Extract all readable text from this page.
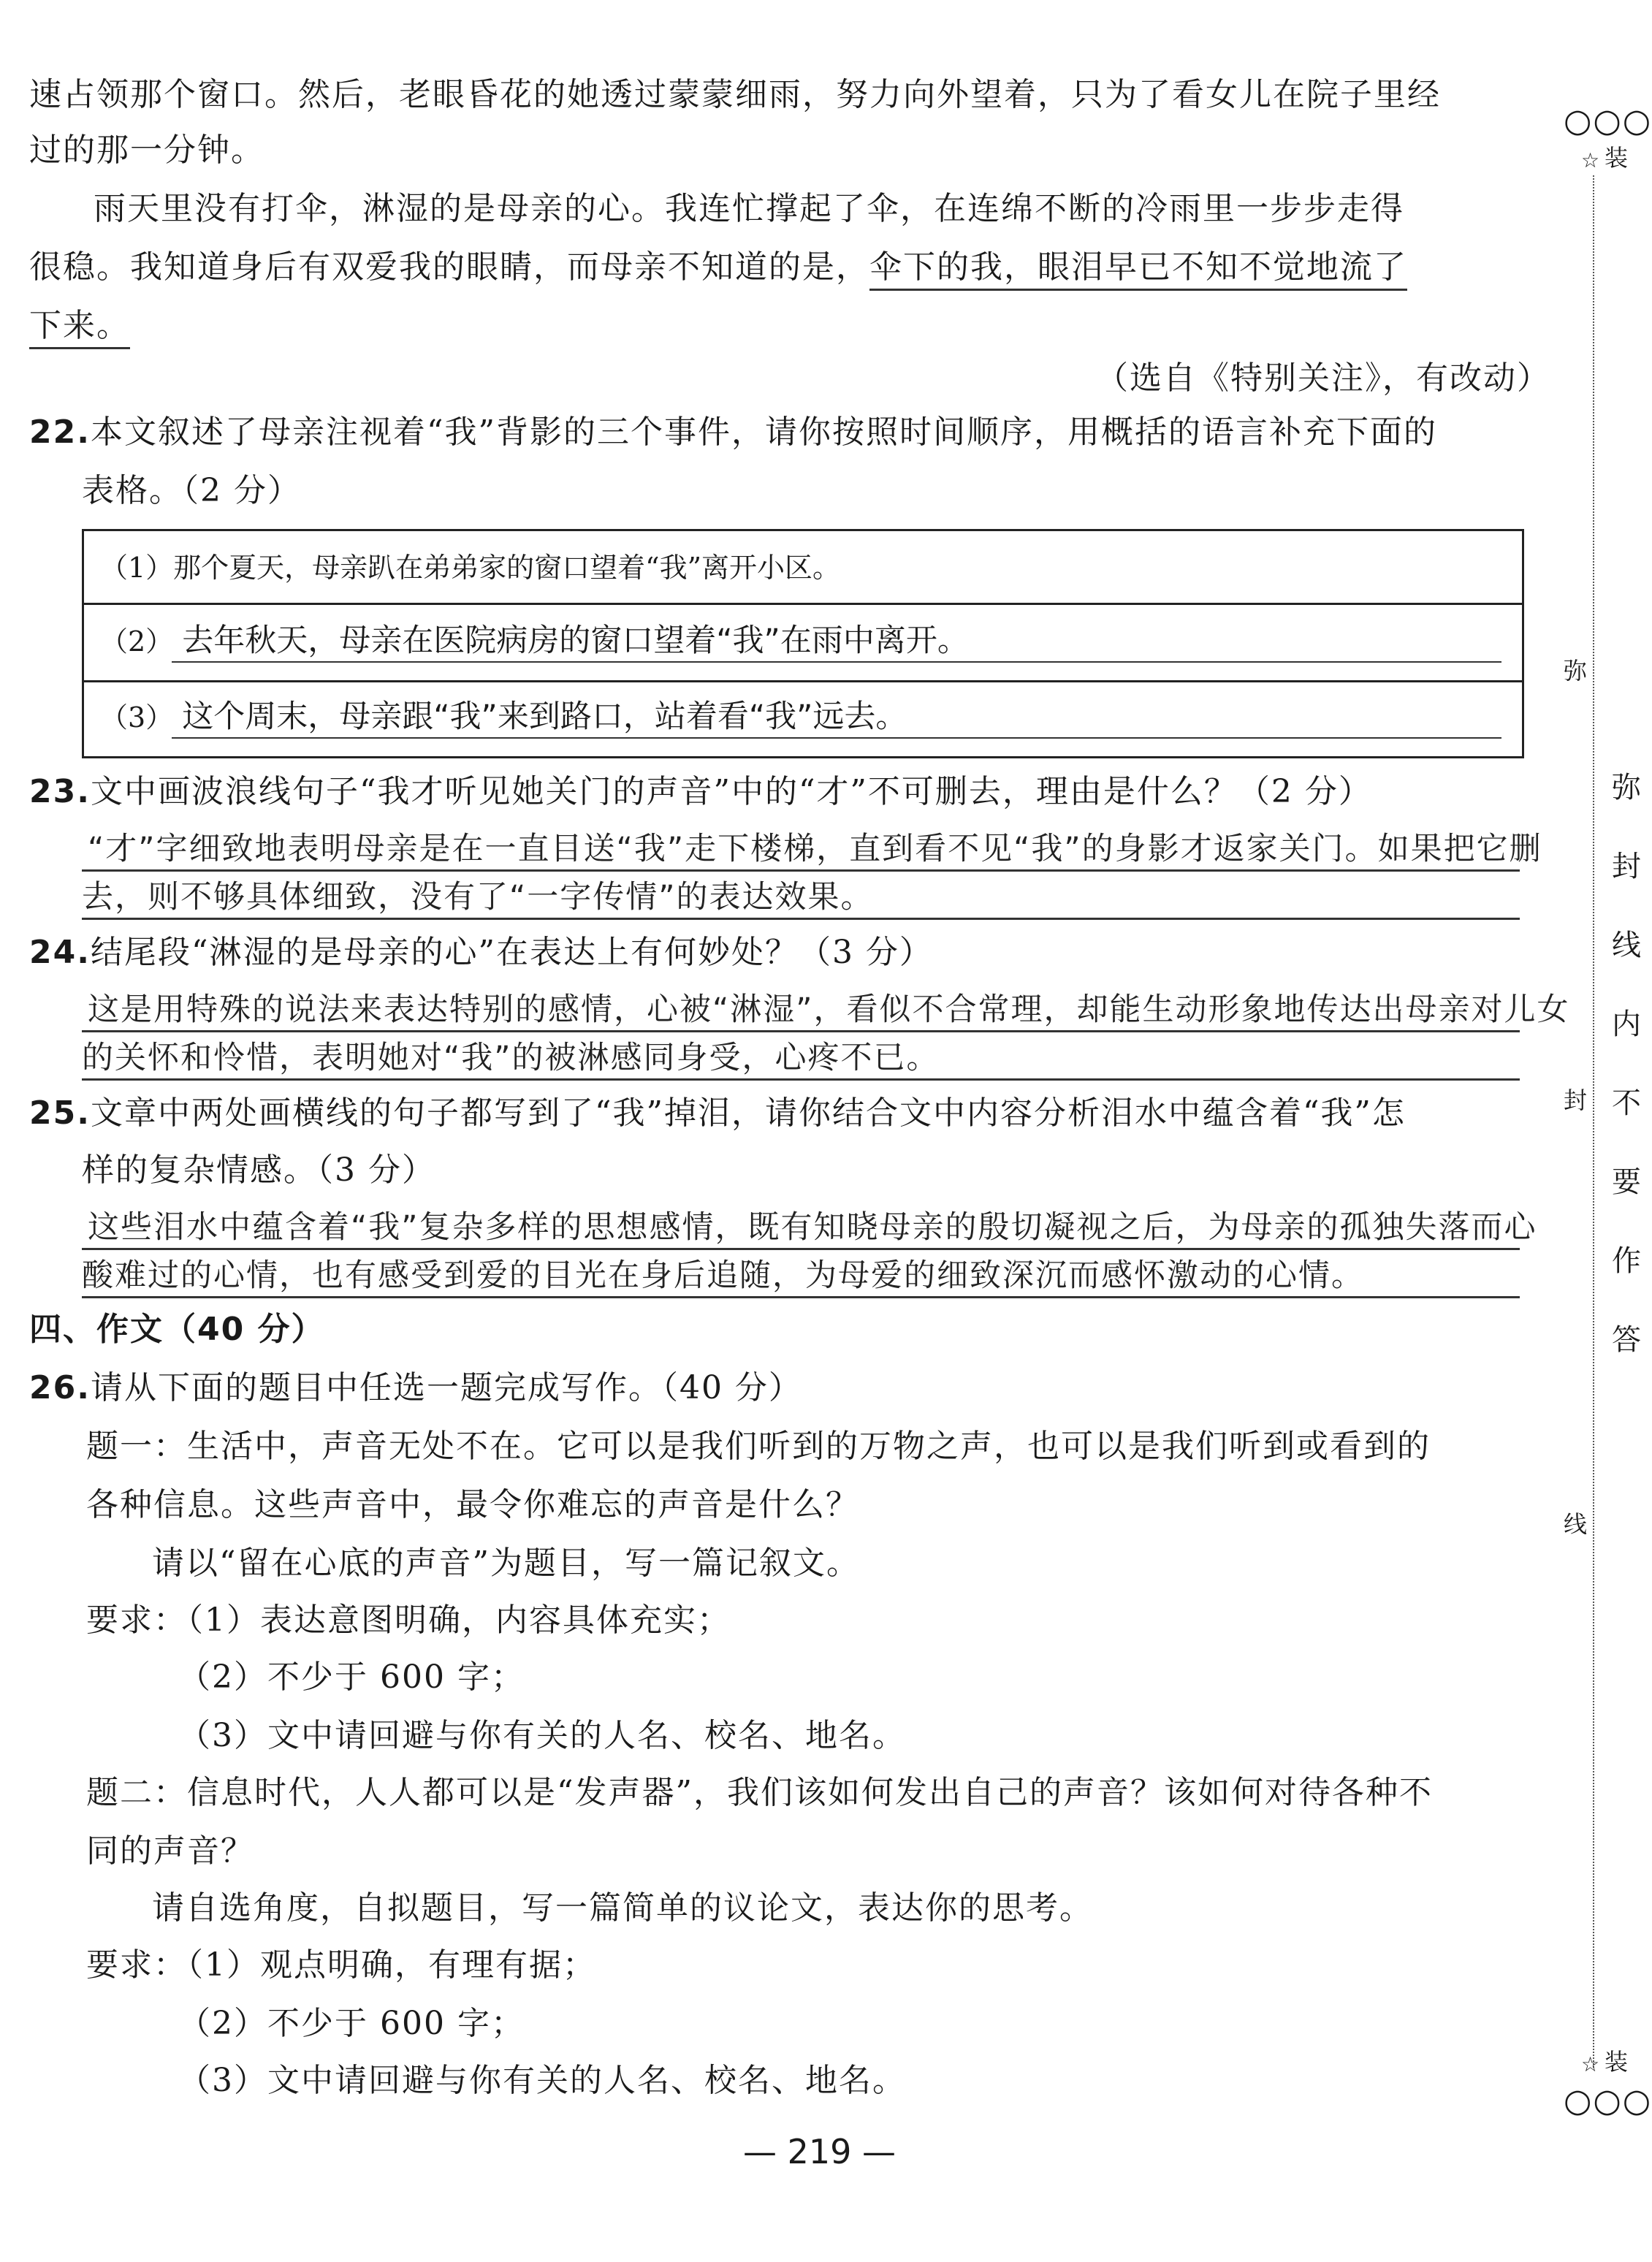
速占领那个窗口。然后，老眼昏花的她透过蒙蒙细雨，努力向外望着，只为了看女儿在院子里经
过的那一分钟。
雨天里没有打伞，淋湿的是母亲的心。我连忙撑起了伞，在连绵不断的冷雨里一步步走得
很稳。我知道身后有双爱我的眼睛，而母亲不知道的是，伞下的我，眼泪早已不知不觉地流了
下来。
（选自《特别关注》，有改动）
22.本文叙述了母亲注视着“我”背影的三个事件，请你按照时间顺序，用概括的语言补充下面的
表格。（2 分）
（1）那个夏天，母亲趴在弟弟家的窗口望着“我”离开小区。
（2） 去年秋天，母亲在医院病房的窗口望着“我”在雨中离开。
（3） 这个周末，母亲跟“我”来到路口，站着看“我”远去。
23.文中画波浪线句子“我才听见她关门的声音”中的“才”不可删去，理由是什么？（2 分）
“才”字细致地表明母亲是在一直目送“我”走下楼梯，直到看不见“我”的身影才返家关门。如果把它删
去，则不够具体细致，没有了“一字传情”的表达效果。
24.结尾段“淋湿的是母亲的心”在表达上有何妙处？（3 分）
这是用特殊的说法来表达特别的感情，心被“淋湿”，看似不合常理，却能生动形象地传达出母亲对儿女
的关怀和怜惜，表明她对“我”的被淋感同身受，心疼不已。
25.文章中两处画横线的句子都写到了“我”掉泪，请你结合文中内容分析泪水中蕴含着“我”怎
样的复杂情感。（3 分）
这些泪水中蕴含着“我”复杂多样的思想感情，既有知晓母亲的殷切凝视之后，为母亲的孤独失落而心
酸难过的心情，也有感受到爱的目光在身后追随，为母爱的细致深沉而感怀激动的心情。
四、作文（40 分）
26.请从下面的题目中任选一题完成写作。（40 分）
题一：生活中，声音无处不在。它可以是我们听到的万物之声，也可以是我们听到或看到的
各种信息。这些声音中，最令你难忘的声音是什么？
请以“留在心底的声音”为题目，写一篇记叙文。
要求：（1）表达意图明确，内容具体充实；
（2）不少于 600 字；
（3）文中请回避与你有关的人名、校名、地名。
题二：信息时代，人人都可以是“发声器”，我们该如何发出自己的声音？该如何对待各种不
同的声音？
请自选角度，自拟题目，写一篇简单的议论文，表达你的思考。
要求：（1）观点明确，有理有据；
（2）不少于 600 字；
（3）文中请回避与你有关的人名、校名、地名。
— 219 —
○○○
☆ 装
弥
封
线
弥
封
线
内
不
要
作
答
☆ 装
○○○
